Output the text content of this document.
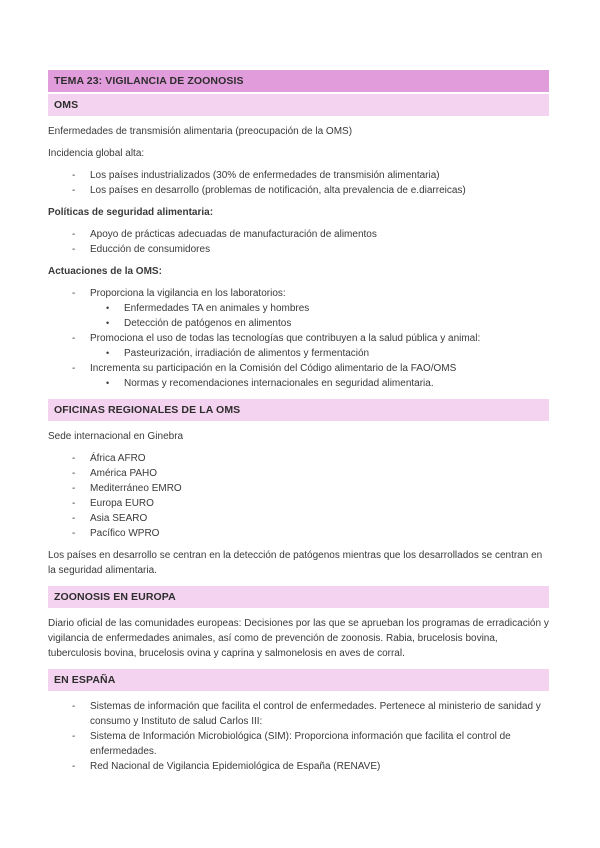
TEMA 23: VIGILANCIA DE ZOONOSIS
OMS

Enfermedades de transmisión alimentaria (preocupación de la OMS)

Incidencia global alta:

-	Los países industrializados (30% de enfermedades de transmisión alimentaria)
-	Los países en desarrollo (problemas de notificación, alta prevalencia de e.diarreicas)

Políticas de seguridad alimentaria:

-	Apoyo de prácticas adecuadas de manufacturación de alimentos
-	Educción de consumidores

Actuaciones de la OMS:

-	Proporciona la vigilancia en los laboratorios:
•	Enfermedades TA en animales y hombres
•	Detección de patógenos en alimentos
-	Promociona el uso de todas las tecnologías que contribuyen a la salud pública y animal:
•	Pasteurización, irradiación de alimentos y fermentación
-	Incrementa su participación en la Comisión del Código alimentario de la FAO/OMS
•	Normas y recomendaciones internacionales en seguridad alimentaria.
OFICINAS REGIONALES DE LA OMS

Sede internacional en Ginebra

-	África AFRO
-	América PAHO
-	Mediterráneo EMRO
-	Europa EURO
-	Asia SEARO
-	Pacífico WPRO

Los países en desarrollo se centran en la detección de patógenos mientras que los desarrollados se centran en la seguridad alimentaria.

ZOONOSIS EN EUROPA

Diario oficial de las comunidades europeas: Decisiones por las que se aprueban los programas de erradicación y vigilancia de enfermedades animales, así como de prevención de zoonosis. Rabia, brucelosis bovina, tuberculosis bovina, brucelosis ovina y caprina y salmonelosis en aves de corral.

EN ESPAÑA
-	Sistemas de información que facilita el control de enfermedades. Pertenece al ministerio de sanidad y consumo y Instituto de salud Carlos III:
-	Sistema de Información Microbiológica (SIM): Proporciona información que facilita el control de enfermedades.
-	Red Nacional de Vigilancia Epidemiológica de España (RENAVE)
